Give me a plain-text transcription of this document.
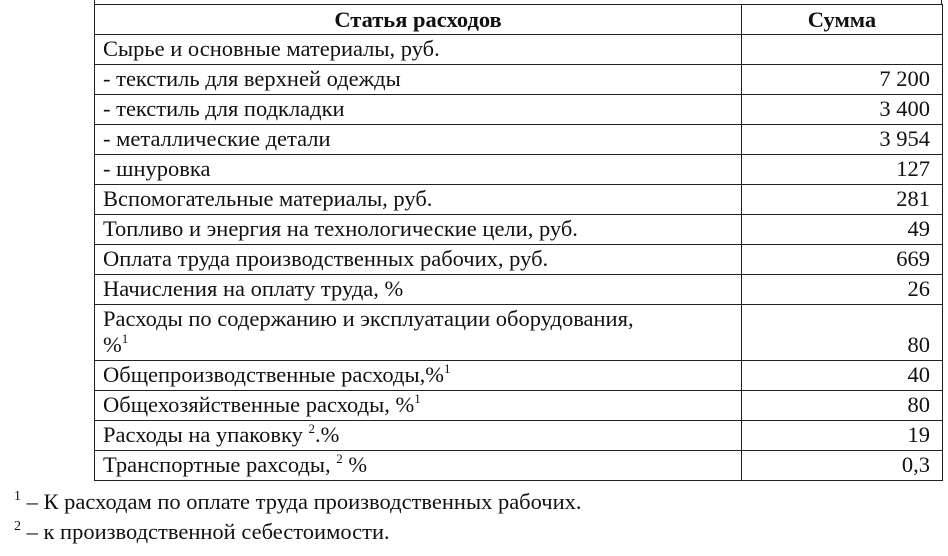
Статья расходов	Сумма
Сырье и основные материалы, руб.	
- текстиль для верхней одежды	7 200
- текстиль для подкладки	3 400
- металлические детали	3 954
- шнуровка	127
Вспомогательные материалы, руб.	281
Топливо и энергия на технологические цели, руб.	49
Оплата труда производственных рабочих, руб.	669
Начисления на оплату труда, %	26
Расходы по содержанию и эксплуатации оборудования,
%$^1$	80
Общепроизводственные расходы,%$^1$	40
Общехозяйственные расходы, %$^1$	80
Расходы на упаковку $^2$.%	19
Транспортные рахсоды, $^2$ %	0,3
$^1$ – К расходам по оплате труда производственных рабочих.
$^2$ – к производственной себестоимости.
